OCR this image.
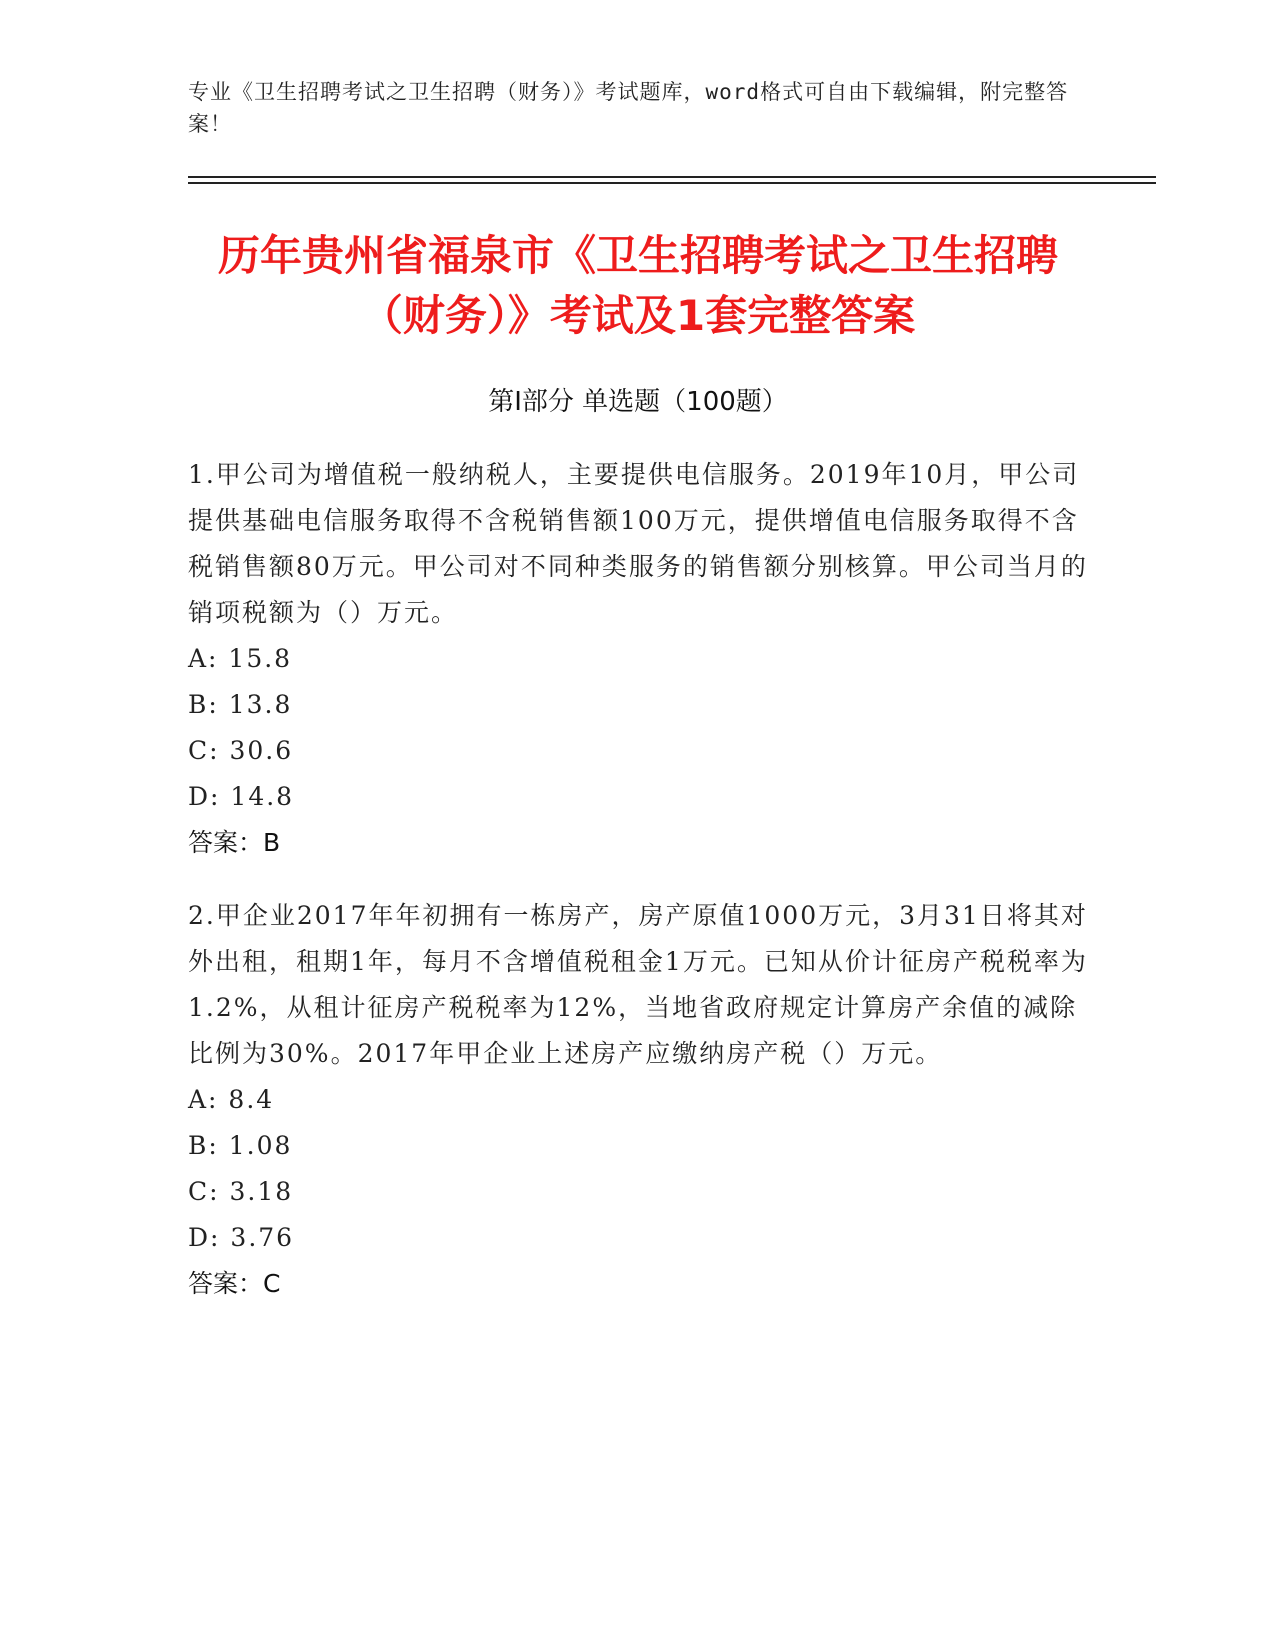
专业《卫生招聘考试之卫生招聘（财务）》考试题库，word格式可自由下载编辑，附完整答案！
历年贵州省福泉市《卫生招聘考试之卫生招聘（财务）》考试及1套完整答案
第Ⅰ部分 单选题（100题）

1.甲公司为增值税一般纳税人，主要提供电信服务。2019年10月，甲公司提供基础电信服务取得不含税销售额100万元，提供增值电信服务取得不含税销售额80万元。甲公司对不同种类服务的销售额分别核算。甲公司当月的销项税额为（）万元。

A: 15.8

B: 13.8

C: 30.6

D: 14.8

答案：B

2.甲企业2017年年初拥有一栋房产，房产原值1000万元，3月31日将其对外出租，租期1年，每月不含增值税租金1万元。已知从价计征房产税税率为1.2%，从租计征房产税税率为12%，当地省政府规定计算房产余值的减除比例为30%。2017年甲企业上述房产应缴纳房产税（）万元。

A: 8.4

B: 1.08

C: 3.18

D: 3.76

答案：C
